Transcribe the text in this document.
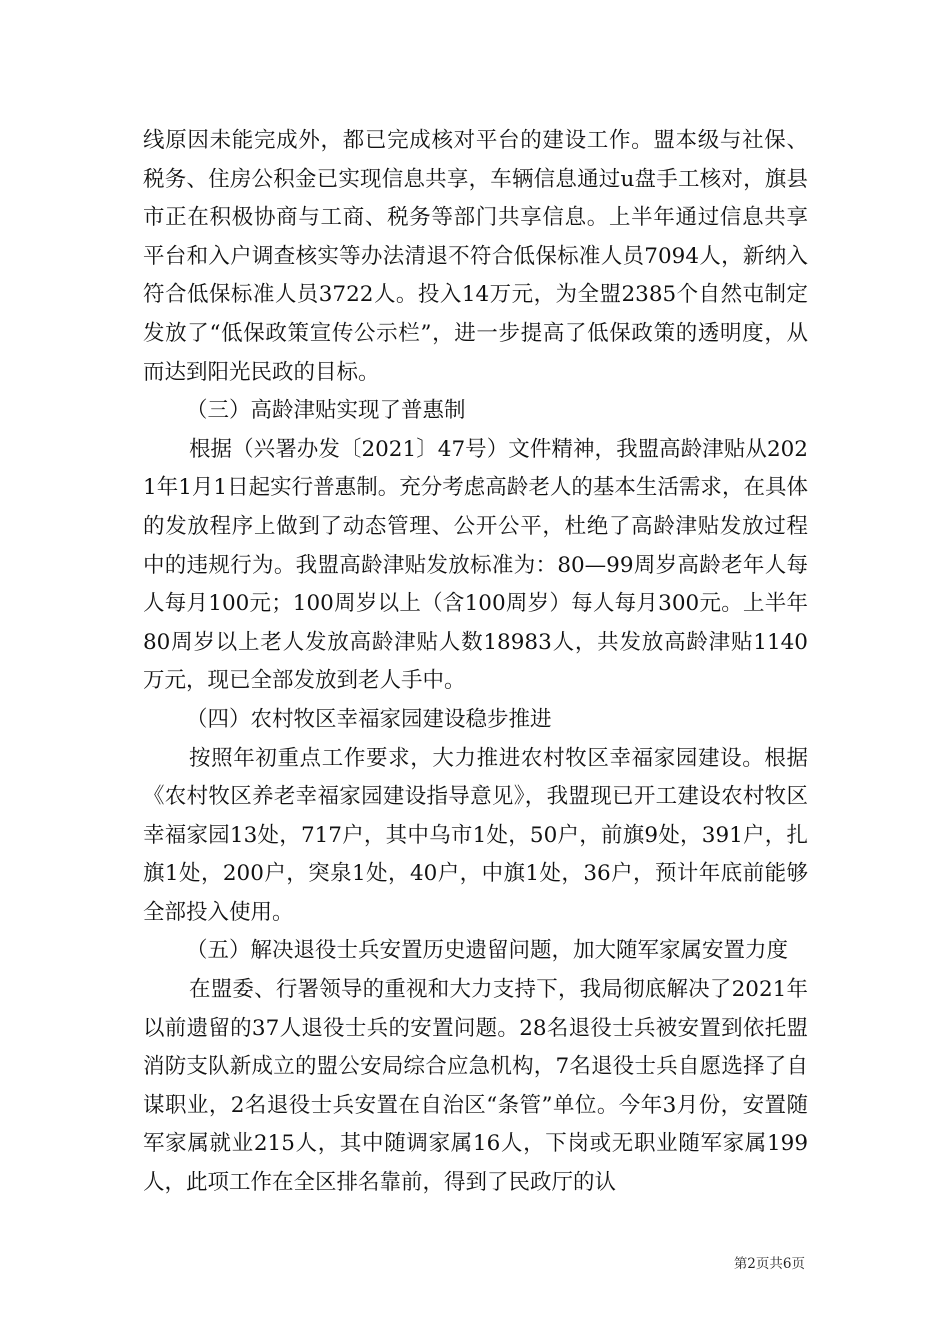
线原因未能完成外，都已完成核对平台的建设工作。盟本级与社保、税务、住房公积金已实现信息共享，车辆信息通过u盘手工核对，旗县市正在积极协商与工商、税务等部门共享信息。上半年通过信息共享平台和入户调查核实等办法清退不符合低保标准人员7094人，新纳入符合低保标准人员3722人。投入14万元，为全盟2385个自然屯制定发放了“低保政策宣传公示栏”，进一步提高了低保政策的透明度，从而达到阳光民政的目标。

（三）高龄津贴实现了普惠制

根据（兴署办发〔2021〕47号）文件精神，我盟高龄津贴从2021年1月1日起实行普惠制。充分考虑高龄老人的基本生活需求，在具体的发放程序上做到了动态管理、公开公平，杜绝了高龄津贴发放过程中的违规行为。我盟高龄津贴发放标准为：80—99周岁高龄老年人每人每月100元；100周岁以上（含100周岁）每人每月300元。上半年80周岁以上老人发放高龄津贴人数18983人，共发放高龄津贴1140万元，现已全部发放到老人手中。

（四）农村牧区幸福家园建设稳步推进

按照年初重点工作要求，大力推进农村牧区幸福家园建设。根据《农村牧区养老幸福家园建设指导意见》，我盟现已开工建设农村牧区幸福家园13处，717户，其中乌市1处，50户，前旗9处，391户，扎旗1处，200户，突泉1处，40户，中旗1处，36户，预计年底前能够全部投入使用。

（五）解决退役士兵安置历史遗留问题，加大随军家属安置力度

在盟委、行署领导的重视和大力支持下，我局彻底解决了2021年以前遗留的37人退役士兵的安置问题。28名退役士兵被安置到依托盟消防支队新成立的盟公安局综合应急机构，7名退役士兵自愿选择了自谋职业，2名退役士兵安置在自治区“条管”单位。今年3月份，安置随军家属就业215人，其中随调家属16人，下岗或无职业随军家属199人，此项工作在全区排名靠前，得到了民政厅的认

第2页共6页
